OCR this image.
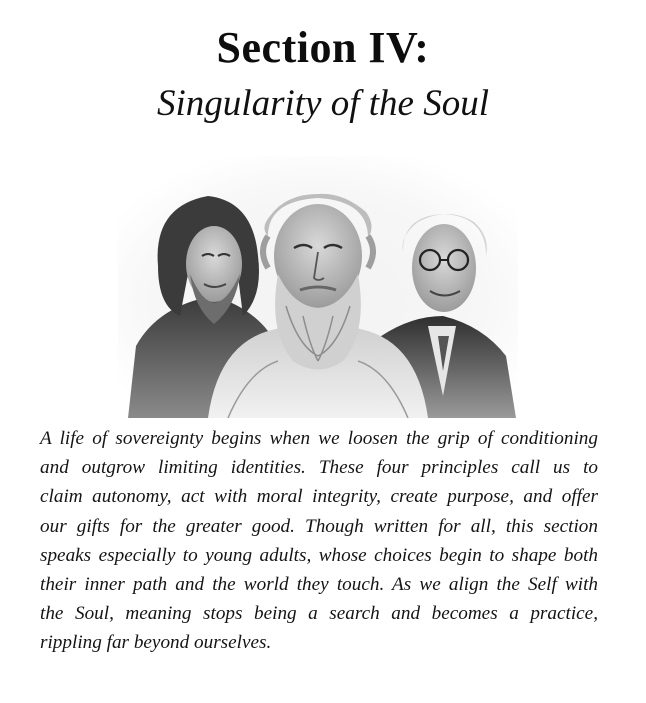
Section IV:
Singularity of the Soul
A life of sovereignty begins when we loosen the grip of conditioning
and outgrow limiting identities. These four principles call us to
claim autonomy, act with moral integrity, create purpose, and offer
our gifts for the greater good. Though written for all, this section
speaks especially to young adults, whose choices begin to shape both
their inner path and the world they touch. As we align the Self with
the Soul, meaning stops being a search and becomes a practice,
rippling far beyond ourselves.
